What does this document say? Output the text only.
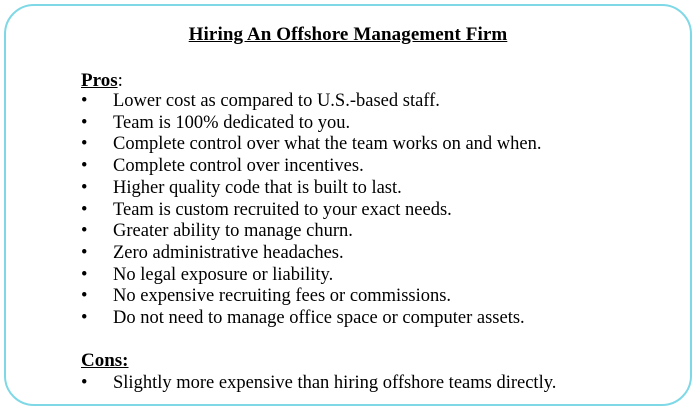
Hiring An Offshore Management Firm
Pros:
• Lower cost as compared to U.S.-based staff.
• Team is 100% dedicated to you.
• Complete control over what the team works on and when.
• Complete control over incentives.
• Higher quality code that is built to last.
• Team is custom recruited to your exact needs.
• Greater ability to manage churn.
• Zero administrative headaches.
• No legal exposure or liability.
• No expensive recruiting fees or commissions.
• Do not need to manage office space or computer assets.
Cons:
• Slightly more expensive than hiring offshore teams directly.
